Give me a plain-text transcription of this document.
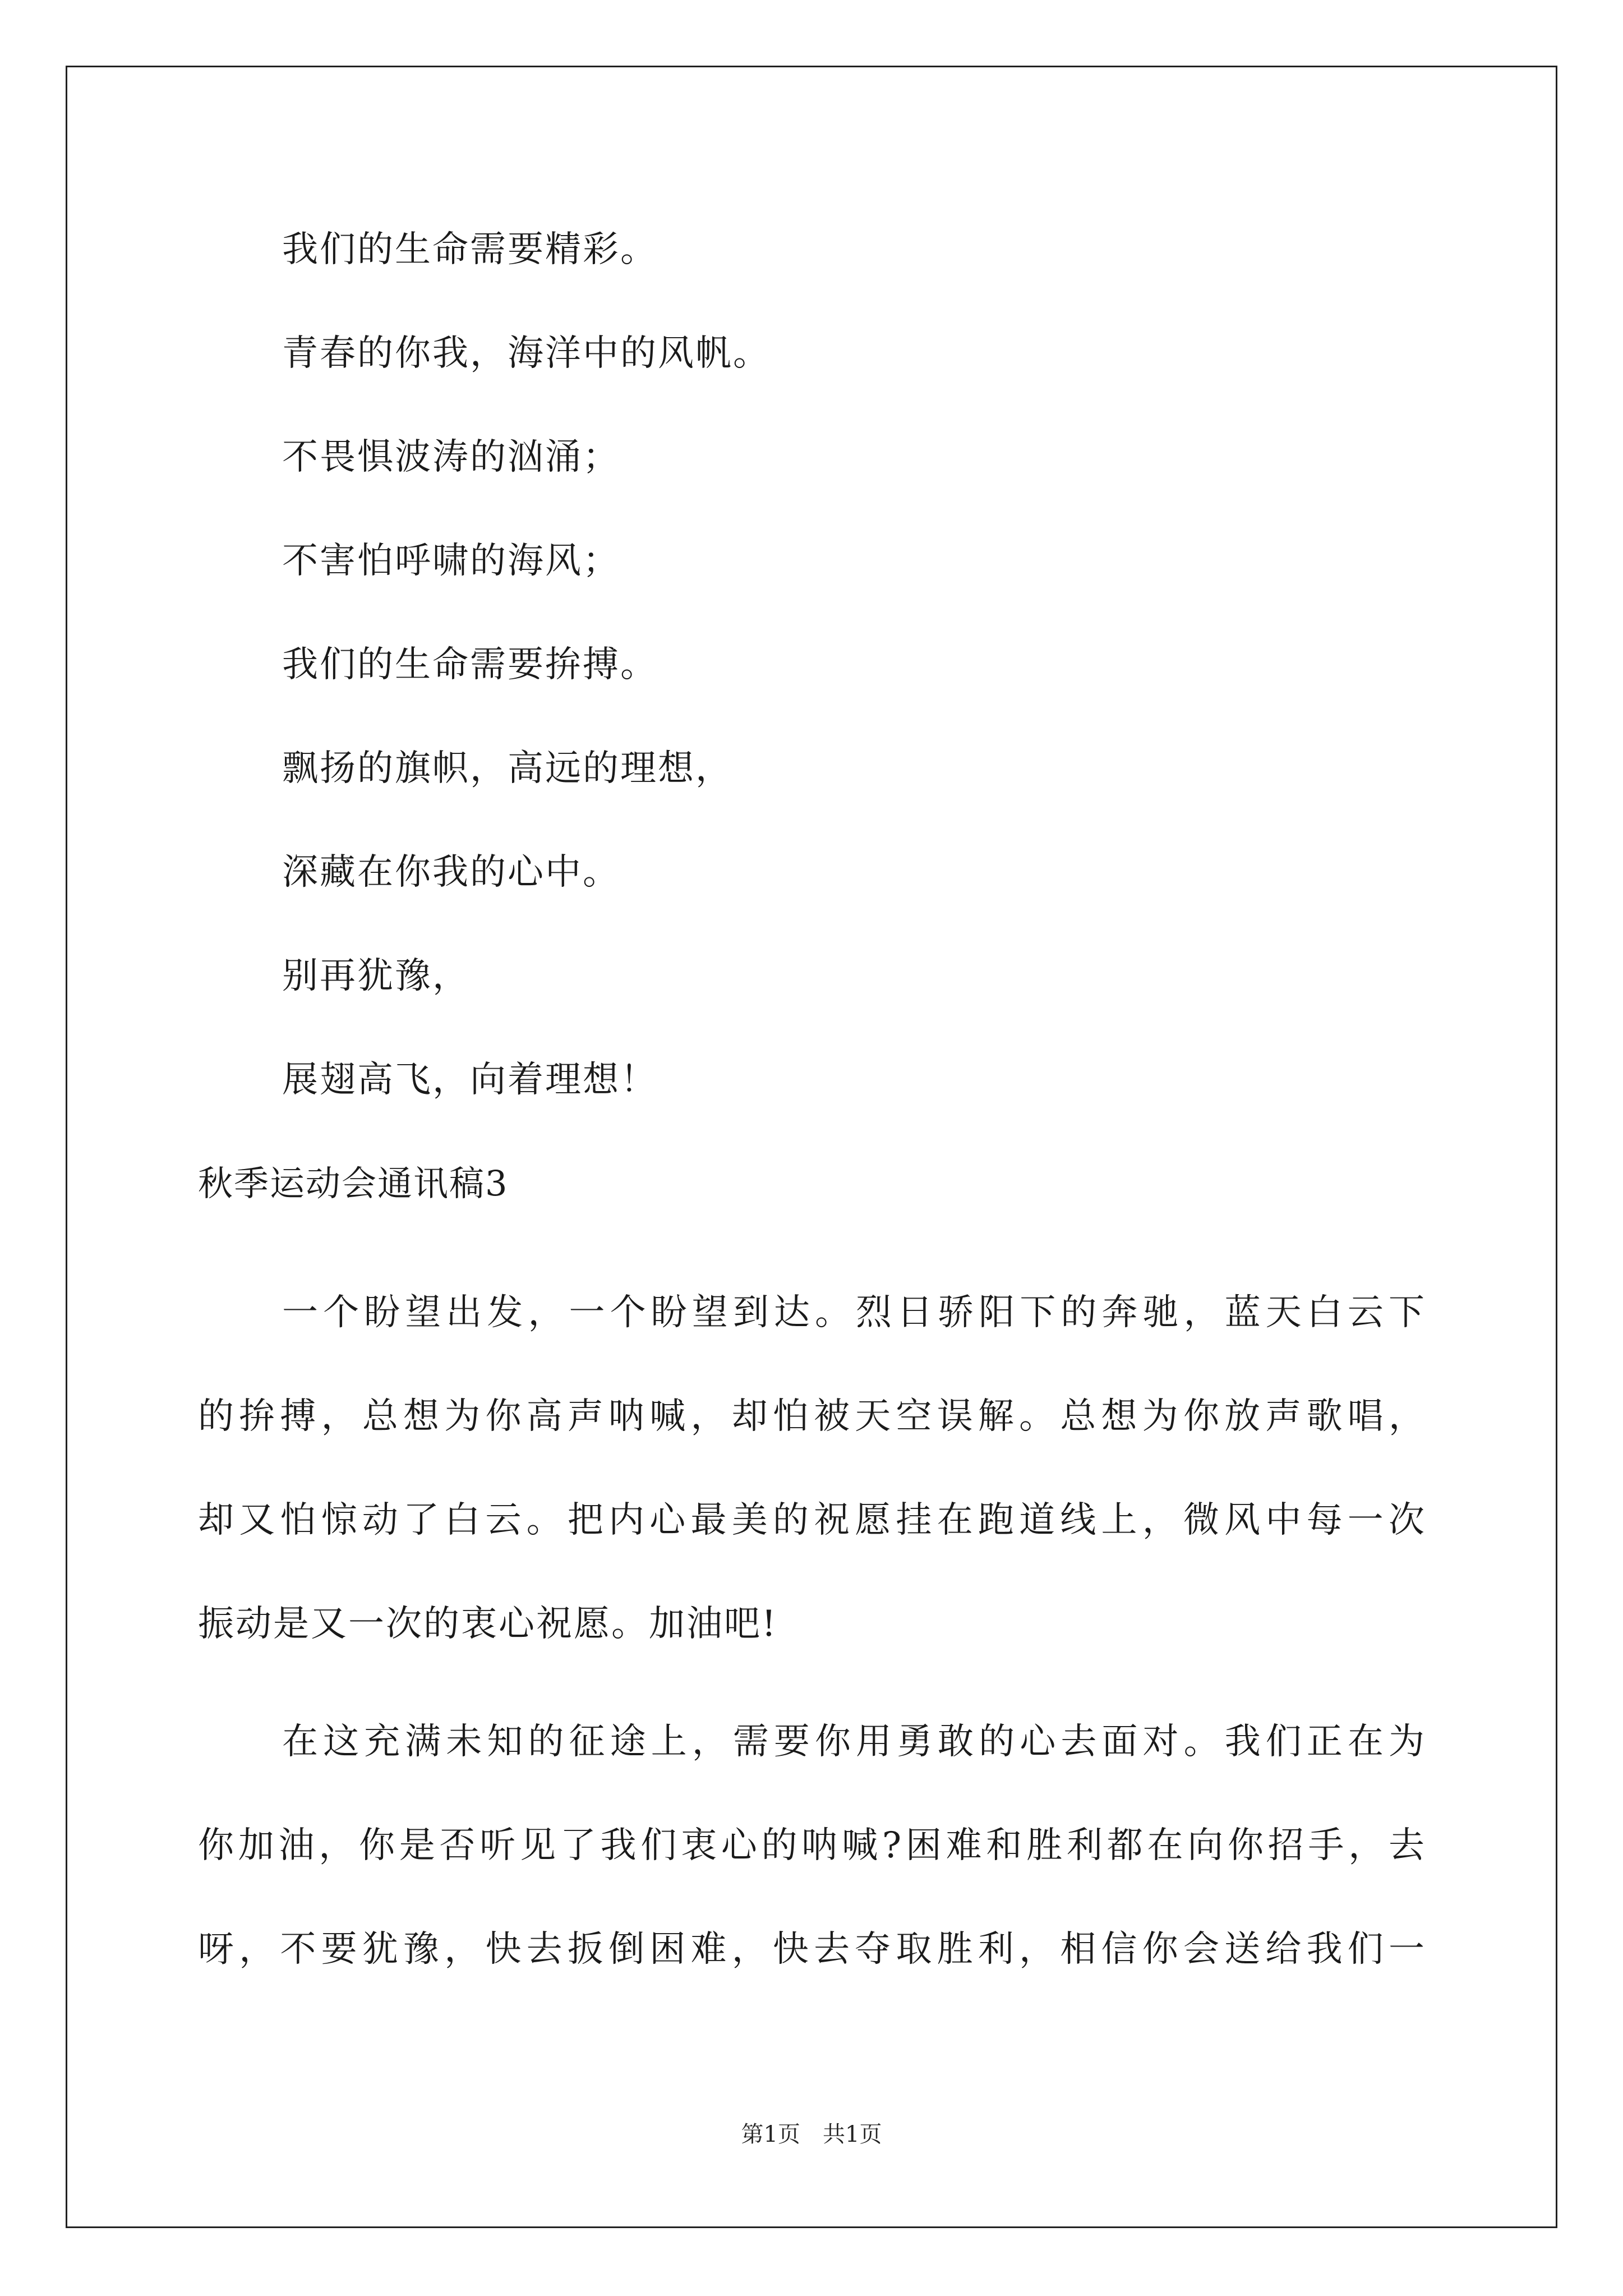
我们的生命需要精彩。
青春的你我，海洋中的风帆。
不畏惧波涛的汹涌；
不害怕呼啸的海风；
我们的生命需要拚搏。
飘扬的旗帜，高远的理想，
深藏在你我的心中。
别再犹豫，
展翅高飞，向着理想！
秋季运动会通讯稿3
一个盼望出发，一个盼望到达。烈日骄阳下的奔驰，蓝天白云下
的拚搏，总想为你高声呐喊，却怕被天空误解。总想为你放声歌唱，
却又怕惊动了白云。把内心最美的祝愿挂在跑道线上，微风中每一次
振动是又一次的衷心祝愿。加油吧!
在这充满未知的征途上，需要你用勇敢的心去面对。我们正在为
你加油，你是否听见了我们衷心的呐喊?困难和胜利都在向你招手，去
呀，不要犹豫，快去扳倒困难，快去夺取胜利，相信你会送给我们一
第1页　共1页
